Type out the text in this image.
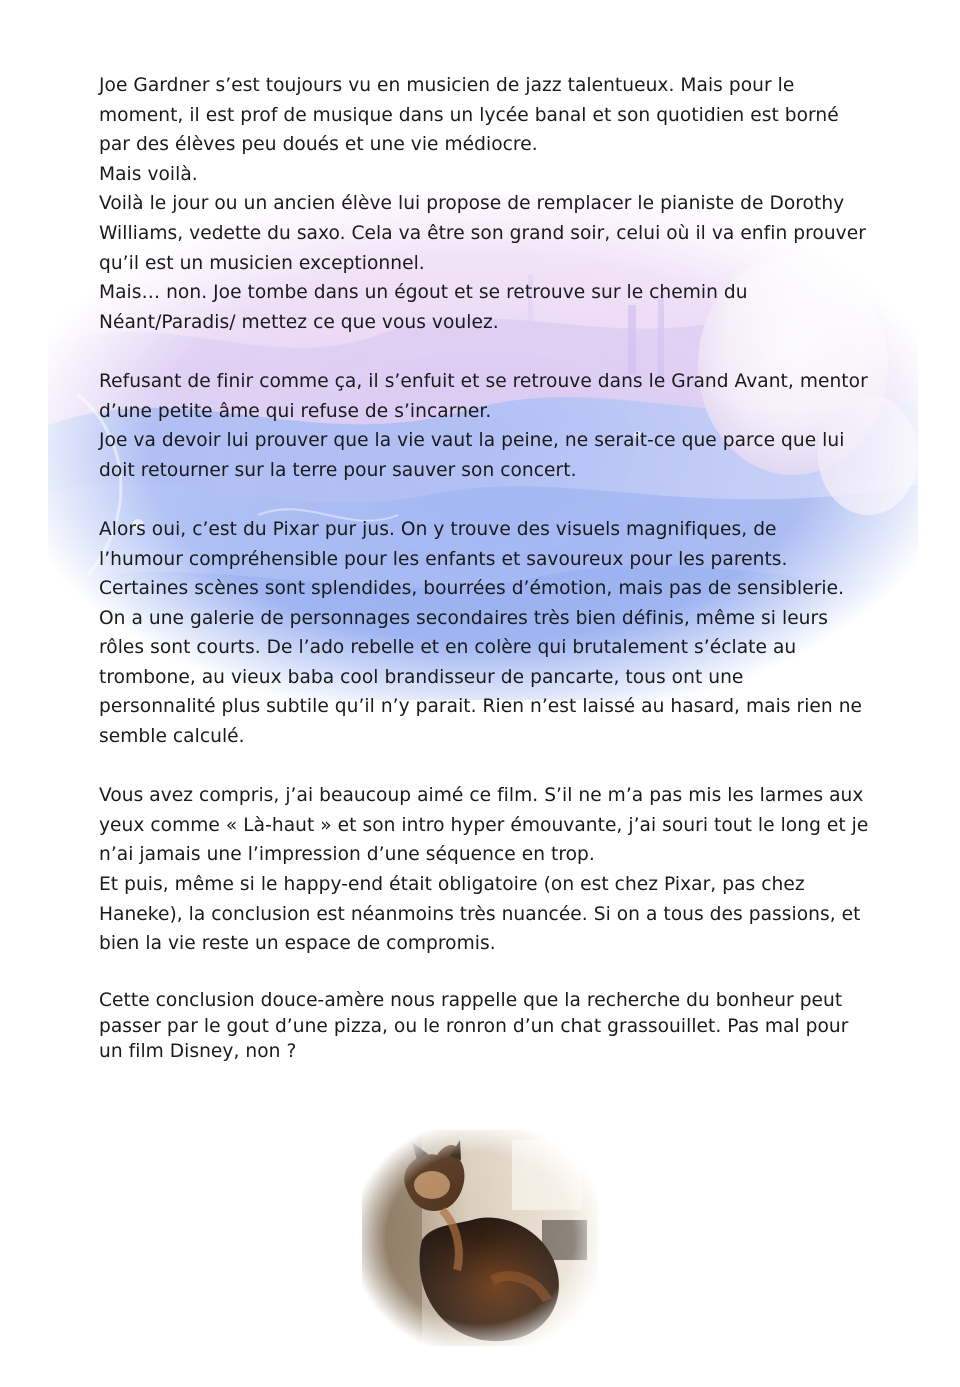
Joe Gardner s’est toujours vu en musicien de jazz talentueux. Mais pour le
moment, il est prof de musique dans un lycée banal et son quotidien est borné
par des élèves peu doués et une vie médiocre.

Mais voilà.

Voilà le jour ou un ancien élève lui propose de remplacer le pianiste de Dorothy
Williams, vedette du saxo. Cela va être son grand soir, celui où il va enfin prouver
qu’il est un musicien exceptionnel.

Mais… non. Joe tombe dans un égout et se retrouve sur le chemin du
Néant/Paradis/ mettez ce que vous voulez.

Refusant de finir comme ça, il s’enfuit et se retrouve dans le Grand Avant, mentor
d’une petite âme qui refuse de s’incarner.

Joe va devoir lui prouver que la vie vaut la peine, ne serait-ce que parce que lui
doit retourner sur la terre pour sauver son concert.

Alors oui, c’est du Pixar pur jus. On y trouve des visuels magnifiques, de
l’humour compréhensible pour les enfants et savoureux pour les parents.
Certaines scènes sont splendides, bourrées d’émotion, mais pas de sensiblerie.
On a une galerie de personnages secondaires très bien définis, même si leurs
rôles sont courts. De l’ado rebelle et en colère qui brutalement s’éclate au
trombone, au vieux baba cool brandisseur de pancarte, tous ont une
personnalité plus subtile qu’il n’y parait. Rien n’est laissé au hasard, mais rien ne
semble calculé.

Vous avez compris, j’ai beaucoup aimé ce film. S’il ne m’a pas mis les larmes aux
yeux comme « Là-haut » et son intro hyper émouvante, j’ai souri tout le long et je
n’ai jamais une l’impression d’une séquence en trop.

Et puis, même si le happy-end était obligatoire (on est chez Pixar, pas chez
Haneke), la conclusion est néanmoins très nuancée. Si on a tous des passions, et
bien la vie reste un espace de compromis.

Cette conclusion douce-amère nous rappelle que la recherche du bonheur peut
passer par le gout d’une pizza, ou le ronron d’un chat grassouillet. Pas mal pour
un film Disney, non ?
